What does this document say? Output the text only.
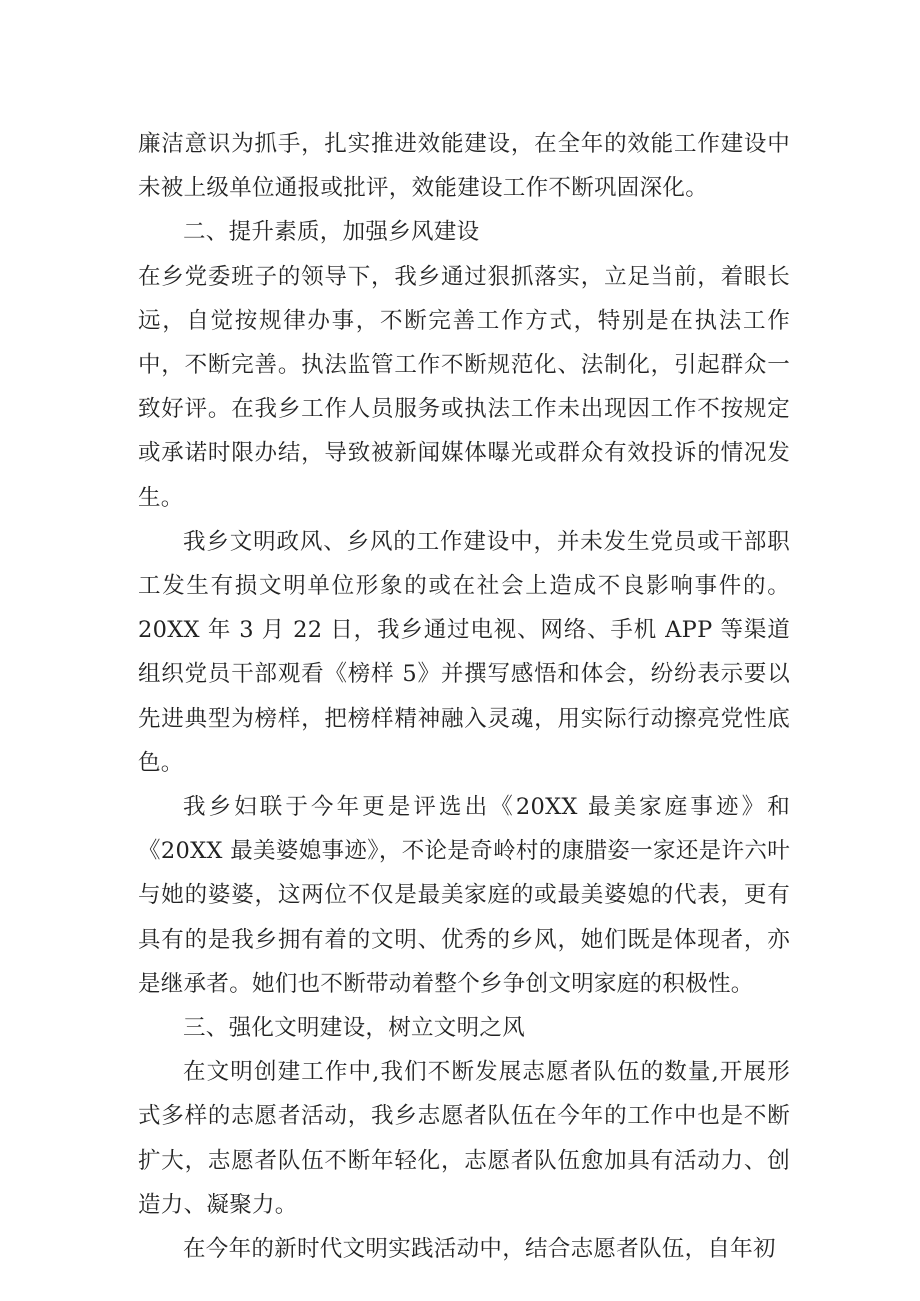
廉洁意识为抓手，扎实推进效能建设，在全年的效能工作建设中未被上级单位通报或批评，效能建设工作不断巩固深化。

二、提升素质，加强乡风建设

在乡党委班子的领导下，我乡通过狠抓落实，立足当前，着眼长远，自觉按规律办事，不断完善工作方式，特别是在执法工作中，不断完善。执法监管工作不断规范化、法制化，引起群众一致好评。在我乡工作人员服务或执法工作未出现因工作不按规定或承诺时限办结，导致被新闻媒体曝光或群众有效投诉的情况发生。

我乡文明政风、乡风的工作建设中，并未发生党员或干部职工发生有损文明单位形象的或在社会上造成不良影响事件的。20XX 年 3 月 22 日，我乡通过电视、网络、手机 APP 等渠道组织党员干部观看《榜样 5》并撰写感悟和体会，纷纷表示要以先进典型为榜样，把榜样精神融入灵魂，用实际行动擦亮党性底色。

我乡妇联于今年更是评选出《20XX 最美家庭事迹》和《20XX 最美婆媳事迹》，不论是奇岭村的康腊姿一家还是许六叶与她的婆婆，这两位不仅是最美家庭的或最美婆媳的代表，更有具有的是我乡拥有着的文明、优秀的乡风，她们既是体现者，亦是继承者。她们也不断带动着整个乡争创文明家庭的积极性。

三、强化文明建设，树立文明之风

在文明创建工作中,我们不断发展志愿者队伍的数量,开展形式多样的志愿者活动，我乡志愿者队伍在今年的工作中也是不断扩大，志愿者队伍不断年轻化，志愿者队伍愈加具有活动力、创造力、凝聚力。

在今年的新时代文明实践活动中，结合志愿者队伍，自年初
